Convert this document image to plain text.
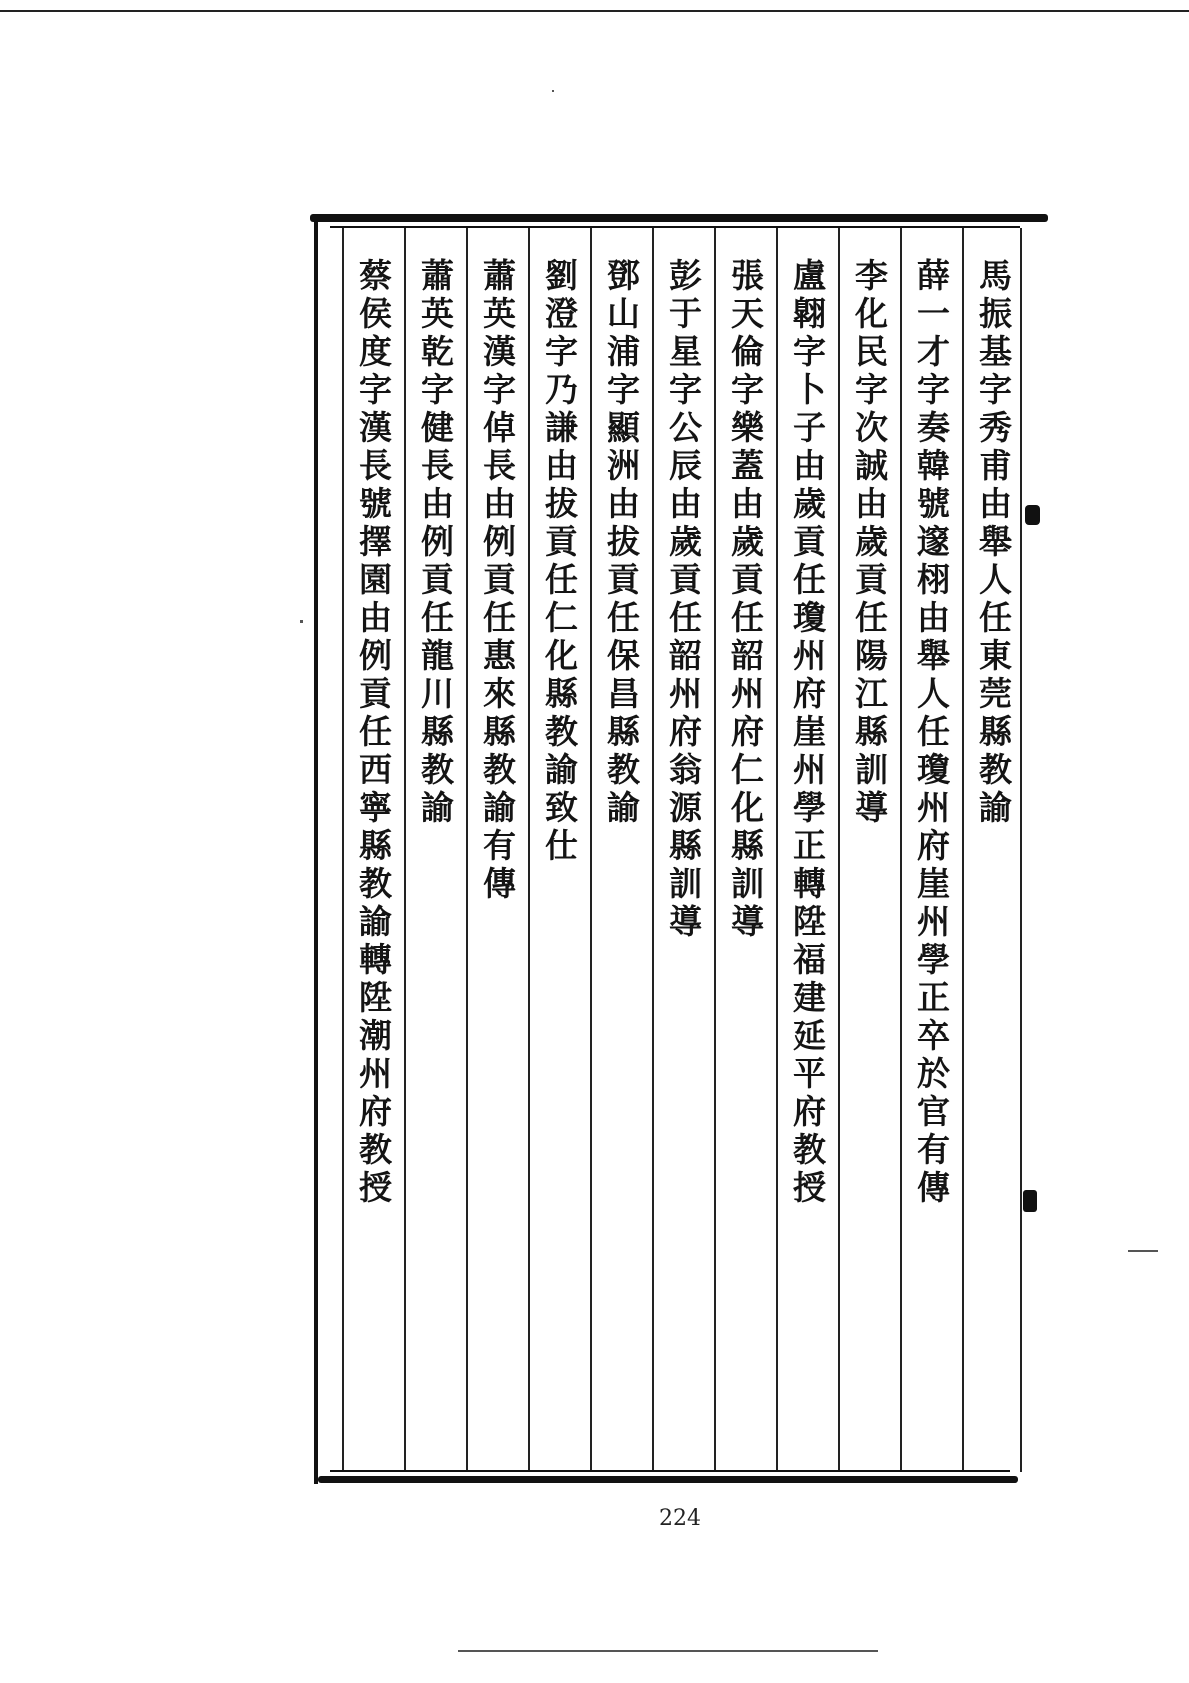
馬振基字秀甫由舉人任東莞縣教諭
薛一才字奏韓號邃栩由舉人任瓊州府崖州學正卒於官有傳
李化民字次誠由歲貢任陽江縣訓導
盧翺字卜子由歲貢任瓊州府崖州學正轉陞福建延平府教授
張天倫字樂蓋由歲貢任韶州府仁化縣訓導
彭于星字公辰由歲貢任韶州府翁源縣訓導
鄧山浦字顯洲由拔貢任保昌縣教諭
劉澄字乃謙由拔貢任仁化縣教諭致仕
蕭英漢字倬長由例貢任惠來縣教諭有傳
蕭英乾字健長由例貢任龍川縣教諭
蔡侯度字漢長號擇園由例貢任西寧縣教諭轉陞潮州府教授
224
